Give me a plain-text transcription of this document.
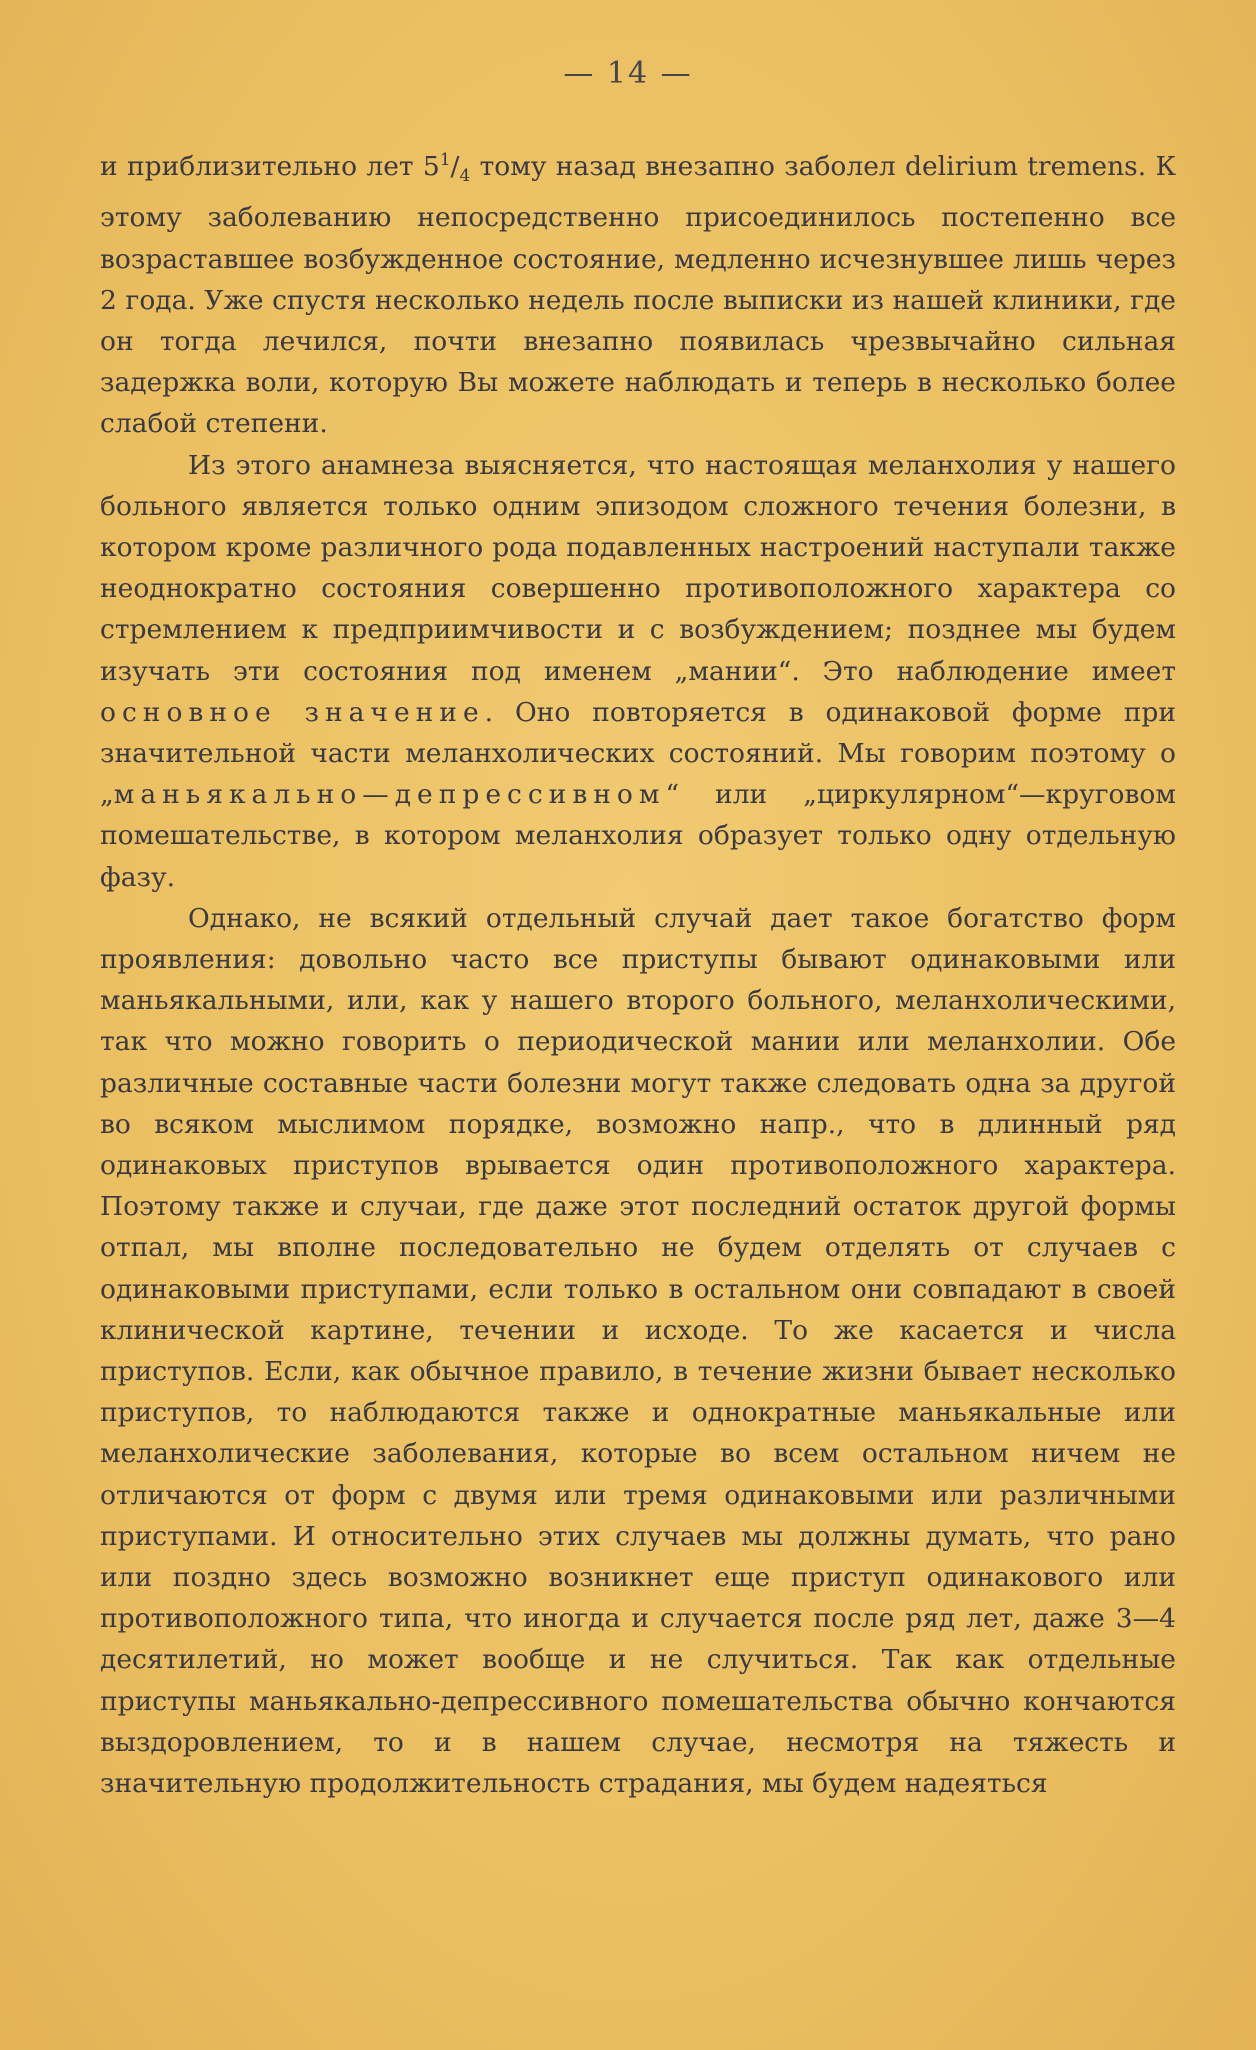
— 14 —

и приблизительно лет $5^1/_4$ тому назад внезапно заболел delirium tremens. К этому заболеванию непосредственно присоединилось постепенно все возраставшее возбужденное состояние, медленно исчезнувшее лишь через 2 года. Уже спустя несколько недель после выписки из нашей клиники, где он тогда лечился, почти внезапно появилась чрезвычайно сильная задержка воли, которую Вы можете наблюдать и теперь в несколько более слабой степени.

Из этого анамнеза выясняется, что настоящая меланхолия у нашего больного является только одним эпизодом сложного течения болезни, в котором кроме различного рода подавленных настроений наступали также неоднократно состояния совершенно противоположного характера со стремлением к предприимчивости и с возбуждением; позднее мы будем изучать эти состояния под именем „мании“. Это наблюдение имеет основное значение. Оно повторяется в одинаковой форме при значительной части меланхолических состояний. Мы говорим поэтому о „маньякально—депрессивном“ или „циркулярном“—круговом помешательстве, в котором меланхолия образует только одну отдельную фазу.

Однако, не всякий отдельный случай дает такое богатство форм проявления: довольно часто все приступы бывают одинаковыми или маньякальными, или, как у нашего второго больного, меланхолическими, так что можно говорить о периодической мании или меланхолии. Обе различные составные части болезни могут также следовать одна за другой во всяком мыслимом порядке, возможно напр., что в длинный ряд одинаковых приступов врывается один противоположного характера. Поэтому также и случаи, где даже этот последний остаток другой формы отпал, мы вполне последовательно не будем отделять от случаев с одинаковыми приступами, если только в остальном они совпадают в своей клинической картине, течении и исходе. То же касается и числа приступов. Если, как обычное правило, в течение жизни бывает несколько приступов, то наблюдаются также и однократные маньякальные или меланхолические заболевания, которые во всем остальном ничем не отличаются от форм с двумя или тремя одинаковыми или различными приступами. И относительно этих случаев мы должны думать, что рано или поздно здесь возможно возникнет еще приступ одинакового или противоположного типа, что иногда и случается после ряд лет, даже 3—4 десятилетий, но может вообще и не случиться. Так как отдельные приступы маньякально-депрессивного помешательства обычно кончаются выздоровлением, то и в нашем случае, несмотря на тяжесть и значительную продолжительность страдания, мы будем надеяться
